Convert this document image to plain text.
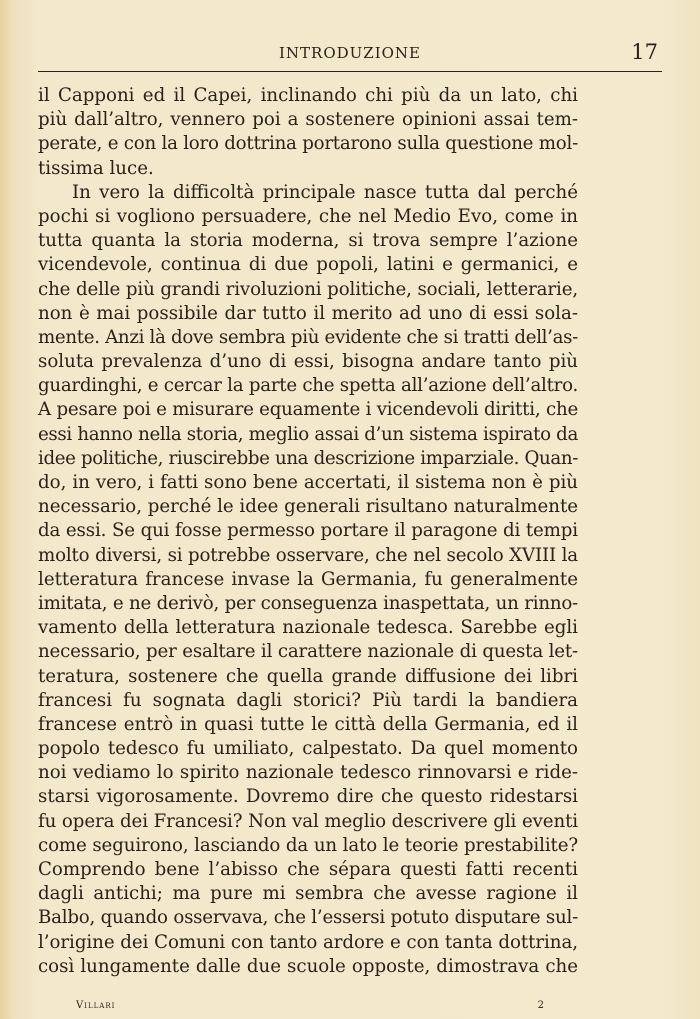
INTRODUZIONE	17
il Capponi ed il Capei, inclinando chi più da un lato, chi
più dall’altro, vennero poi a sostenere opinioni assai tem-
perate, e con la loro dottrina portarono sulla questione mol-
tissima luce.
In vero la difficoltà principale nasce tutta dal perché
pochi si vogliono persuadere, che nel Medio Evo, come in
tutta quanta la storia moderna, si trova sempre l’azione
vicendevole, continua di due popoli, latini e germanici, e
che delle più grandi rivoluzioni politiche, sociali, letterarie,
non è mai possibile dar tutto il merito ad uno di essi sola-
mente. Anzi là dove sembra più evidente che si tratti dell’as-
soluta prevalenza d’uno di essi, bisogna andare tanto più
guardinghi, e cercar la parte che spetta all’azione dell’altro.
A pesare poi e misurare equamente i vicendevoli diritti, che
essi hanno nella storia, meglio assai d’un sistema ispirato da
idee politiche, riuscirebbe una descrizione imparziale. Quan-
do, in vero, i fatti sono bene accertati, il sistema non è più
necessario, perché le idee generali risultano naturalmente
da essi. Se qui fosse permesso portare il paragone di tempi
molto diversi, si potrebbe osservare, che nel secolo XVIII la
letteratura francese invase la Germania, fu generalmente
imitata, e ne derivò, per conseguenza inaspettata, un rinno-
vamento della letteratura nazionale tedesca. Sarebbe egli
necessario, per esaltare il carattere nazionale di questa let-
teratura, sostenere che quella grande diffusione dei libri
francesi fu sognata dagli storici? Più tardi la bandiera
francese entrò in quasi tutte le città della Germania, ed il
popolo tedesco fu umiliato, calpestato. Da quel momento
noi vediamo lo spirito nazionale tedesco rinnovarsi e ride-
starsi vigorosamente. Dovremo dire che questo ridestarsi
fu opera dei Francesi? Non val meglio descrivere gli eventi
come seguirono, lasciando da un lato le teorie prestabilite?
Comprendo bene l’abisso che sépara questi fatti recenti
dagli antichi; ma pure mi sembra che avesse ragione il
Balbo, quando osservava, che l’essersi potuto disputare sul-
l’origine dei Comuni con tanto ardore e con tanta dottrina,
così lungamente dalle due scuole opposte, dimostrava che
Villari	2
